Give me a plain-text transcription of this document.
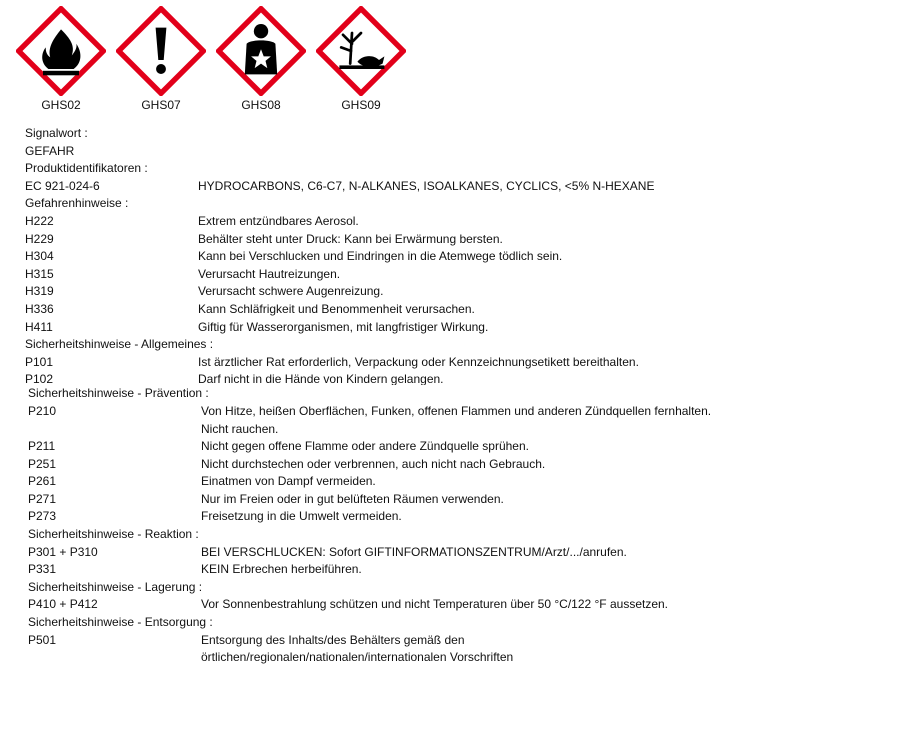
GHS02	GHS07	GHS08	GHS09
Signalwort :
GEFAHR
Produktidentifikatoren :
EC 921-024-6	HYDROCARBONS, C6-C7, N-ALKANES, ISOALKANES, CYCLICS, <5% N-HEXANE
Gefahrenhinweise :
H222	Extrem entzündbares Aerosol.
H229	Behälter steht unter Druck: Kann bei Erwärmung bersten.
H304	Kann bei Verschlucken und Eindringen in die Atemwege tödlich sein.
H315	Verursacht Hautreizungen.
H319	Verursacht schwere Augenreizung.
H336	Kann Schläfrigkeit und Benommenheit verursachen.
H411	Giftig für Wasserorganismen, mit langfristiger Wirkung.
Sicherheitshinweise - Allgemeines :
P101	Ist ärztlicher Rat erforderlich, Verpackung oder Kennzeichnungsetikett bereithalten.
P102	Darf nicht in die Hände von Kindern gelangen.
Sicherheitshinweise - Prävention :
P210	Von Hitze, heißen Oberflächen, Funken, offenen Flammen und anderen Zündquellen fernhalten.
Nicht rauchen.
P211	Nicht gegen offene Flamme oder andere Zündquelle sprühen.
P251	Nicht durchstechen oder verbrennen, auch nicht nach Gebrauch.
P261	Einatmen von Dampf vermeiden.
P271	Nur im Freien oder in gut belüfteten Räumen verwenden.
P273	Freisetzung in die Umwelt vermeiden.
Sicherheitshinweise - Reaktion :
P301 + P310	BEI VERSCHLUCKEN: Sofort GIFTINFORMATIONSZENTRUM/Arzt/.../anrufen.
P331	KEIN Erbrechen herbeiführen.
Sicherheitshinweise - Lagerung :
P410 + P412	Vor Sonnenbestrahlung schützen und nicht Temperaturen über 50 °C/122 °F aussetzen.
Sicherheitshinweise - Entsorgung :
P501	Entsorgung des Inhalts/des Behälters gemäß den
örtlichen/regionalen/nationalen/internationalen Vorschriften
